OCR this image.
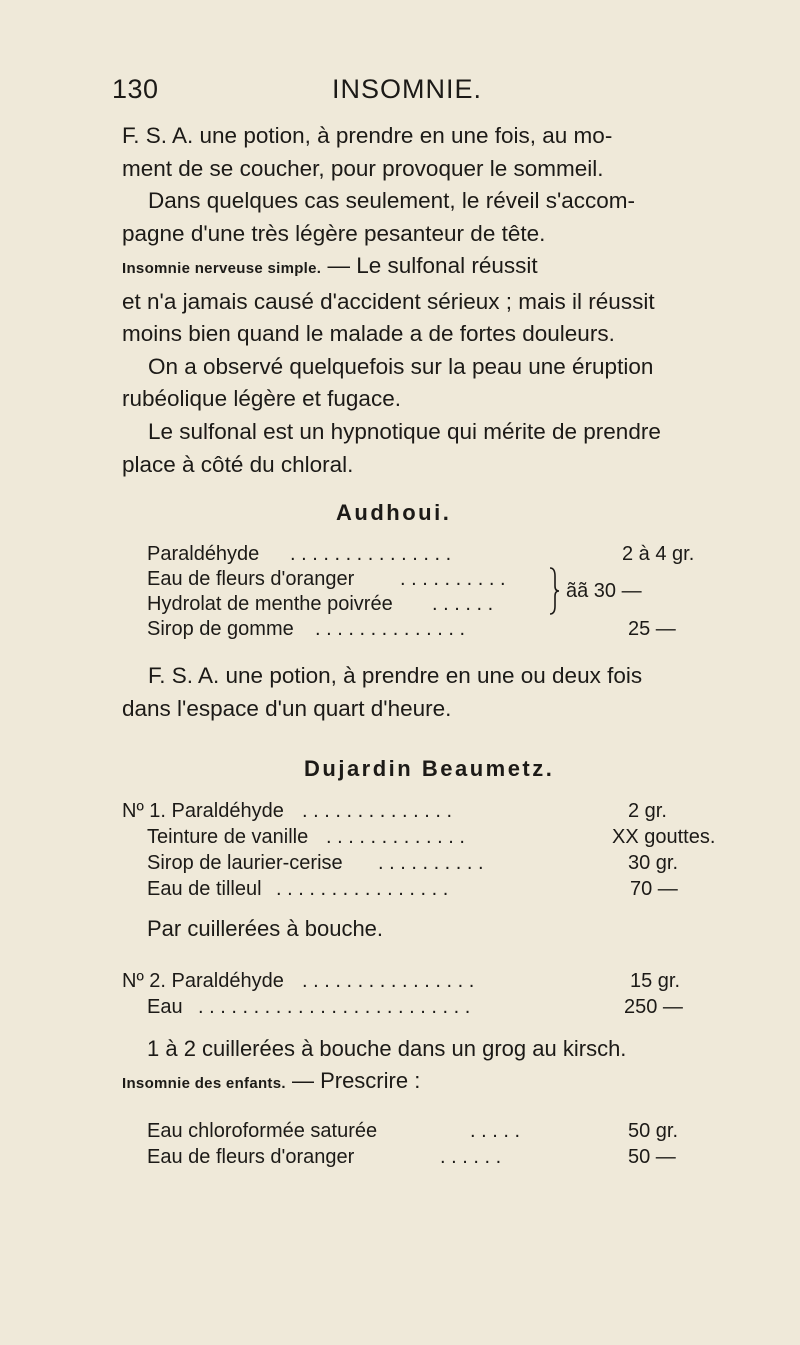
130	INSOMNIE.

F. S. A. une potion, à prendre en une fois, au mo-

ment de se coucher, pour provoquer le sommeil.

Dans quelques cas seulement, le réveil s'accom-

pagne d'une très légère pesanteur de tête.

Insomnie nerveuse simple. — Le sulfonal réussit

et n'a jamais causé d'accident sérieux ; mais il réussit

moins bien quand le malade a de fortes douleurs.

On a observé quelquefois sur la peau une éruption

rubéolique légère et fugace.

Le sulfonal est un hypnotique qui mérite de prendre

place à côté du chloral.

Audhoui.
Paraldéhyde . . . . . . . . . . . . . . .	2 à 4 gr.
Eau de fleurs d'oranger . . . . . . . . . .
Hydrolat de menthe poivrée . . . . . .
ãã 30 —
Sirop de gomme . . . . . . . . . . . . . .	25 —

F. S. A. une potion, à prendre en une ou deux fois

dans l'espace d'un quart d'heure.

Dujardin Beaumetz.
Nº 1. Paraldéhyde . . . . . . . . . . . . . .	2 gr.
Teinture de vanille . . . . . . . . . . . . .	XX gouttes.
Sirop de laurier-cerise . . . . . . . . . .	30 gr.
Eau de tilleul . . . . . . . . . . . . . . . .	70 —
Par cuillerées à bouche.
Nº 2. Paraldéhyde . . . . . . . . . . . . . . . .	15 gr.
Eau . . . . . . . . . . . . . . . . . . . . . . . . .	250 —
1 à 2 cuillerées à bouche dans un grog au kirsch.
Insomnie des enfants. — Prescrire :
Eau chloroformée saturée	. . . . .	50 gr.
Eau de fleurs d'oranger	. . . . . .	50 —
